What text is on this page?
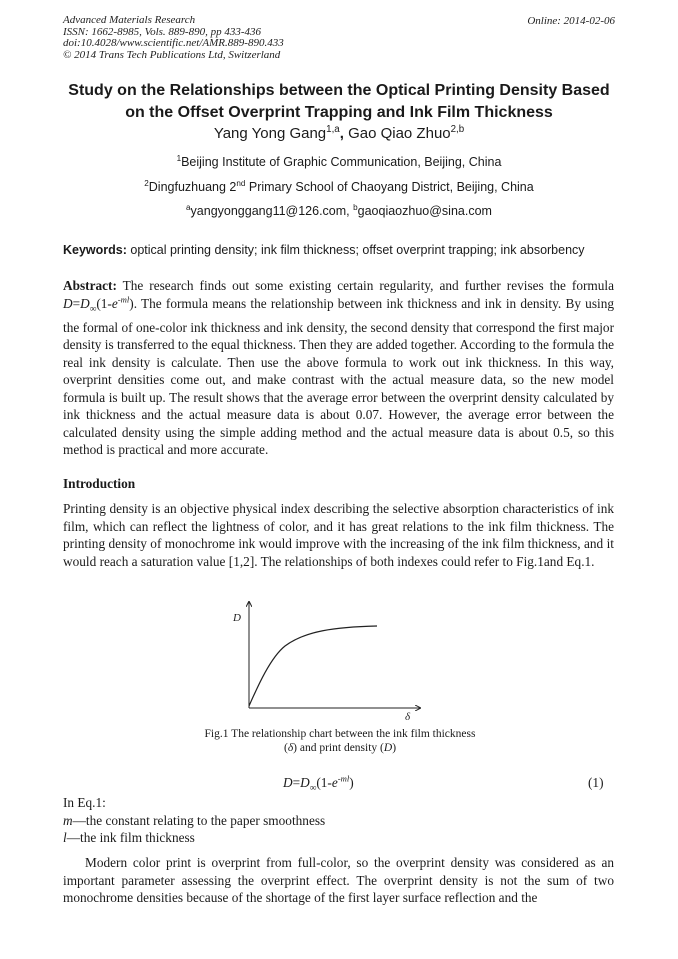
Advanced Materials Research
ISSN: 1662-8985, Vols. 889-890, pp 433-436
doi:10.4028/www.scientific.net/AMR.889-890.433
© 2014 Trans Tech Publications Ltd, Switzerland
Online: 2014-02-06
Study on the Relationships between the Optical Printing Density Based
on the Offset Overprint Trapping and Ink Film Thickness
Yang Yong Gang$^{1,a}$, Gao Qiao Zhuo$^{2,b}$
$^1$Beijing Institute of Graphic Communication, Beijing, China
$^2$Dingfuzhuang 2nd Primary School of Chaoyang District, Beijing, China
$^a$yangyonggang11@126.com, $^b$gaoqiaozhuo@sina.com
Keywords: optical printing density; ink film thickness; offset overprint trapping; ink absorbency
Abstract: The research finds out some existing certain regularity, and further revises the formula $D=D_\infty(1-e^{-ml})$. The formula means the relationship between ink thickness and ink in density. By using the formal of one-color ink thickness and ink density, the second density that correspond the first major density is transferred to the equal thickness. Then they are added together. According to the formula the real ink density is calculate. Then use the above formula to work out ink thickness. In this way, overprint densities come out, and make contrast with the actual measure data, so the new model formula is built up. The result shows that the average error between the overprint density calculated by ink thickness and the actual measure data is about 0.07. However, the average error between the calculated density using the simple adding method and the actual measure data is about 0.5, so this method is practical and more accurate.
Introduction
Printing density is an objective physical index describing the selective absorption characteristics of ink film, which can reflect the lightness of color, and it has great relations to the ink film thickness. The printing density of monochrome ink would improve with the increasing of the ink film thickness, and it would reach a saturation value [1,2]. The relationships of both indexes could refer to Fig.1and Eq.1.
D
δ
Fig.1 The relationship chart between the ink film thickness
(δ) and print density (D)
$D=D_\infty(1-e^{-ml})$	(1)
In Eq.1:
m—the constant relating to the paper smoothness
l—the ink film thickness
Modern color print is overprint from full-color, so the overprint density was considered as an important parameter assessing the overprint effect. The overprint density is not the sum of two monochrome densities because of the shortage of the first layer surface reflection and the
